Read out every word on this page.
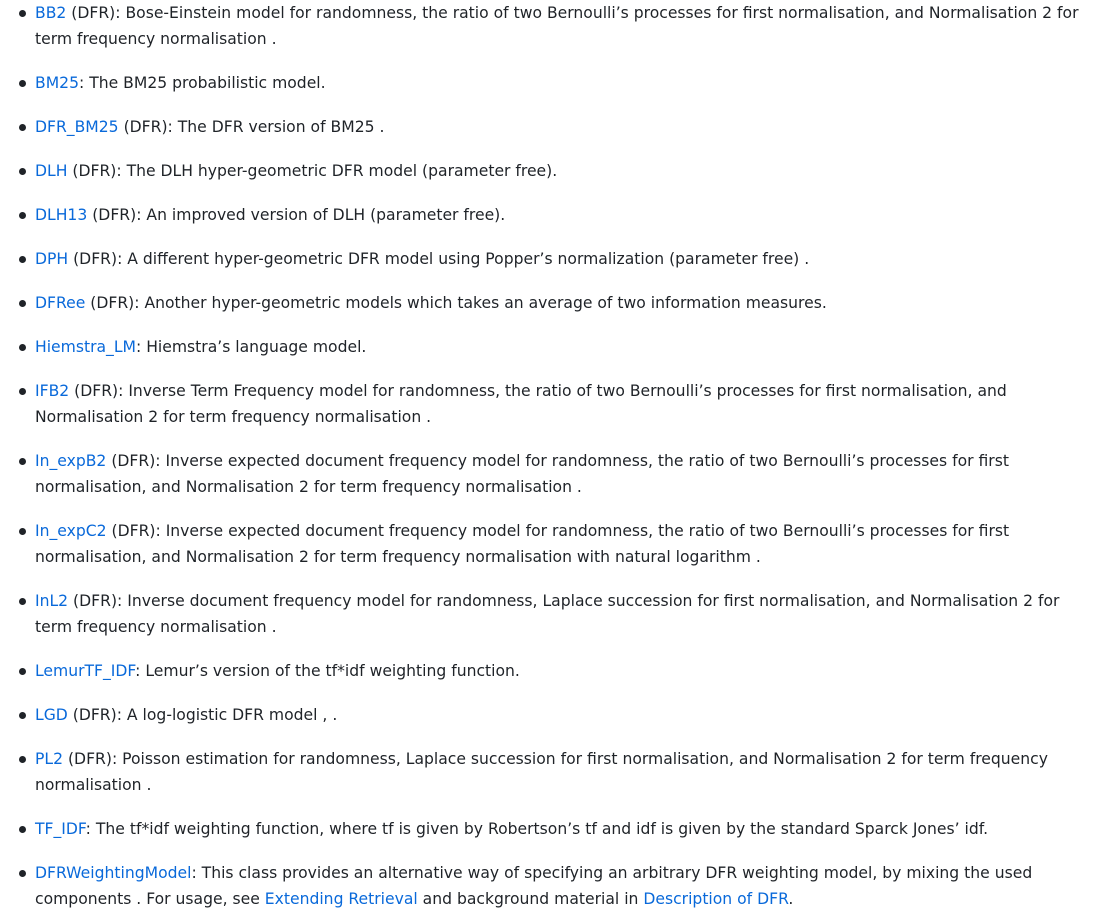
BB2 (DFR): Bose-Einstein model for randomness, the ratio of two Bernoulli’s processes for first normalisation, and Normalisation 2 for term frequency normalisation .
BM25: The BM25 probabilistic model.
DFR_BM25 (DFR): The DFR version of BM25 .
DLH (DFR): The DLH hyper-geometric DFR model (parameter free).
DLH13 (DFR): An improved version of DLH (parameter free).
DPH (DFR): A different hyper-geometric DFR model using Popper’s normalization (parameter free) .
DFRee (DFR): Another hyper-geometric models which takes an average of two information measures.
Hiemstra_LM: Hiemstra’s language model.
IFB2 (DFR): Inverse Term Frequency model for randomness, the ratio of two Bernoulli’s processes for first normalisation, and Normalisation 2 for term frequency normalisation .
In_expB2 (DFR): Inverse expected document frequency model for randomness, the ratio of two Bernoulli’s processes for first normalisation, and Normalisation 2 for term frequency normalisation .
In_expC2 (DFR): Inverse expected document frequency model for randomness, the ratio of two Bernoulli’s processes for first normalisation, and Normalisation 2 for term frequency normalisation with natural logarithm .
InL2 (DFR): Inverse document frequency model for randomness, Laplace succession for first normalisation, and Normalisation 2 for term frequency normalisation .
LemurTF_IDF: Lemur’s version of the tf*idf weighting function.
LGD (DFR): A log-logistic DFR model , .
PL2 (DFR): Poisson estimation for randomness, Laplace succession for first normalisation, and Normalisation 2 for term frequency normalisation .
TF_IDF: The tf*idf weighting function, where tf is given by Robertson’s tf and idf is given by the standard Sparck Jones’ idf.
DFRWeightingModel: This class provides an alternative way of specifying an arbitrary DFR weighting model, by mixing the used components . For usage, see Extending Retrieval and background material in Description of DFR.
